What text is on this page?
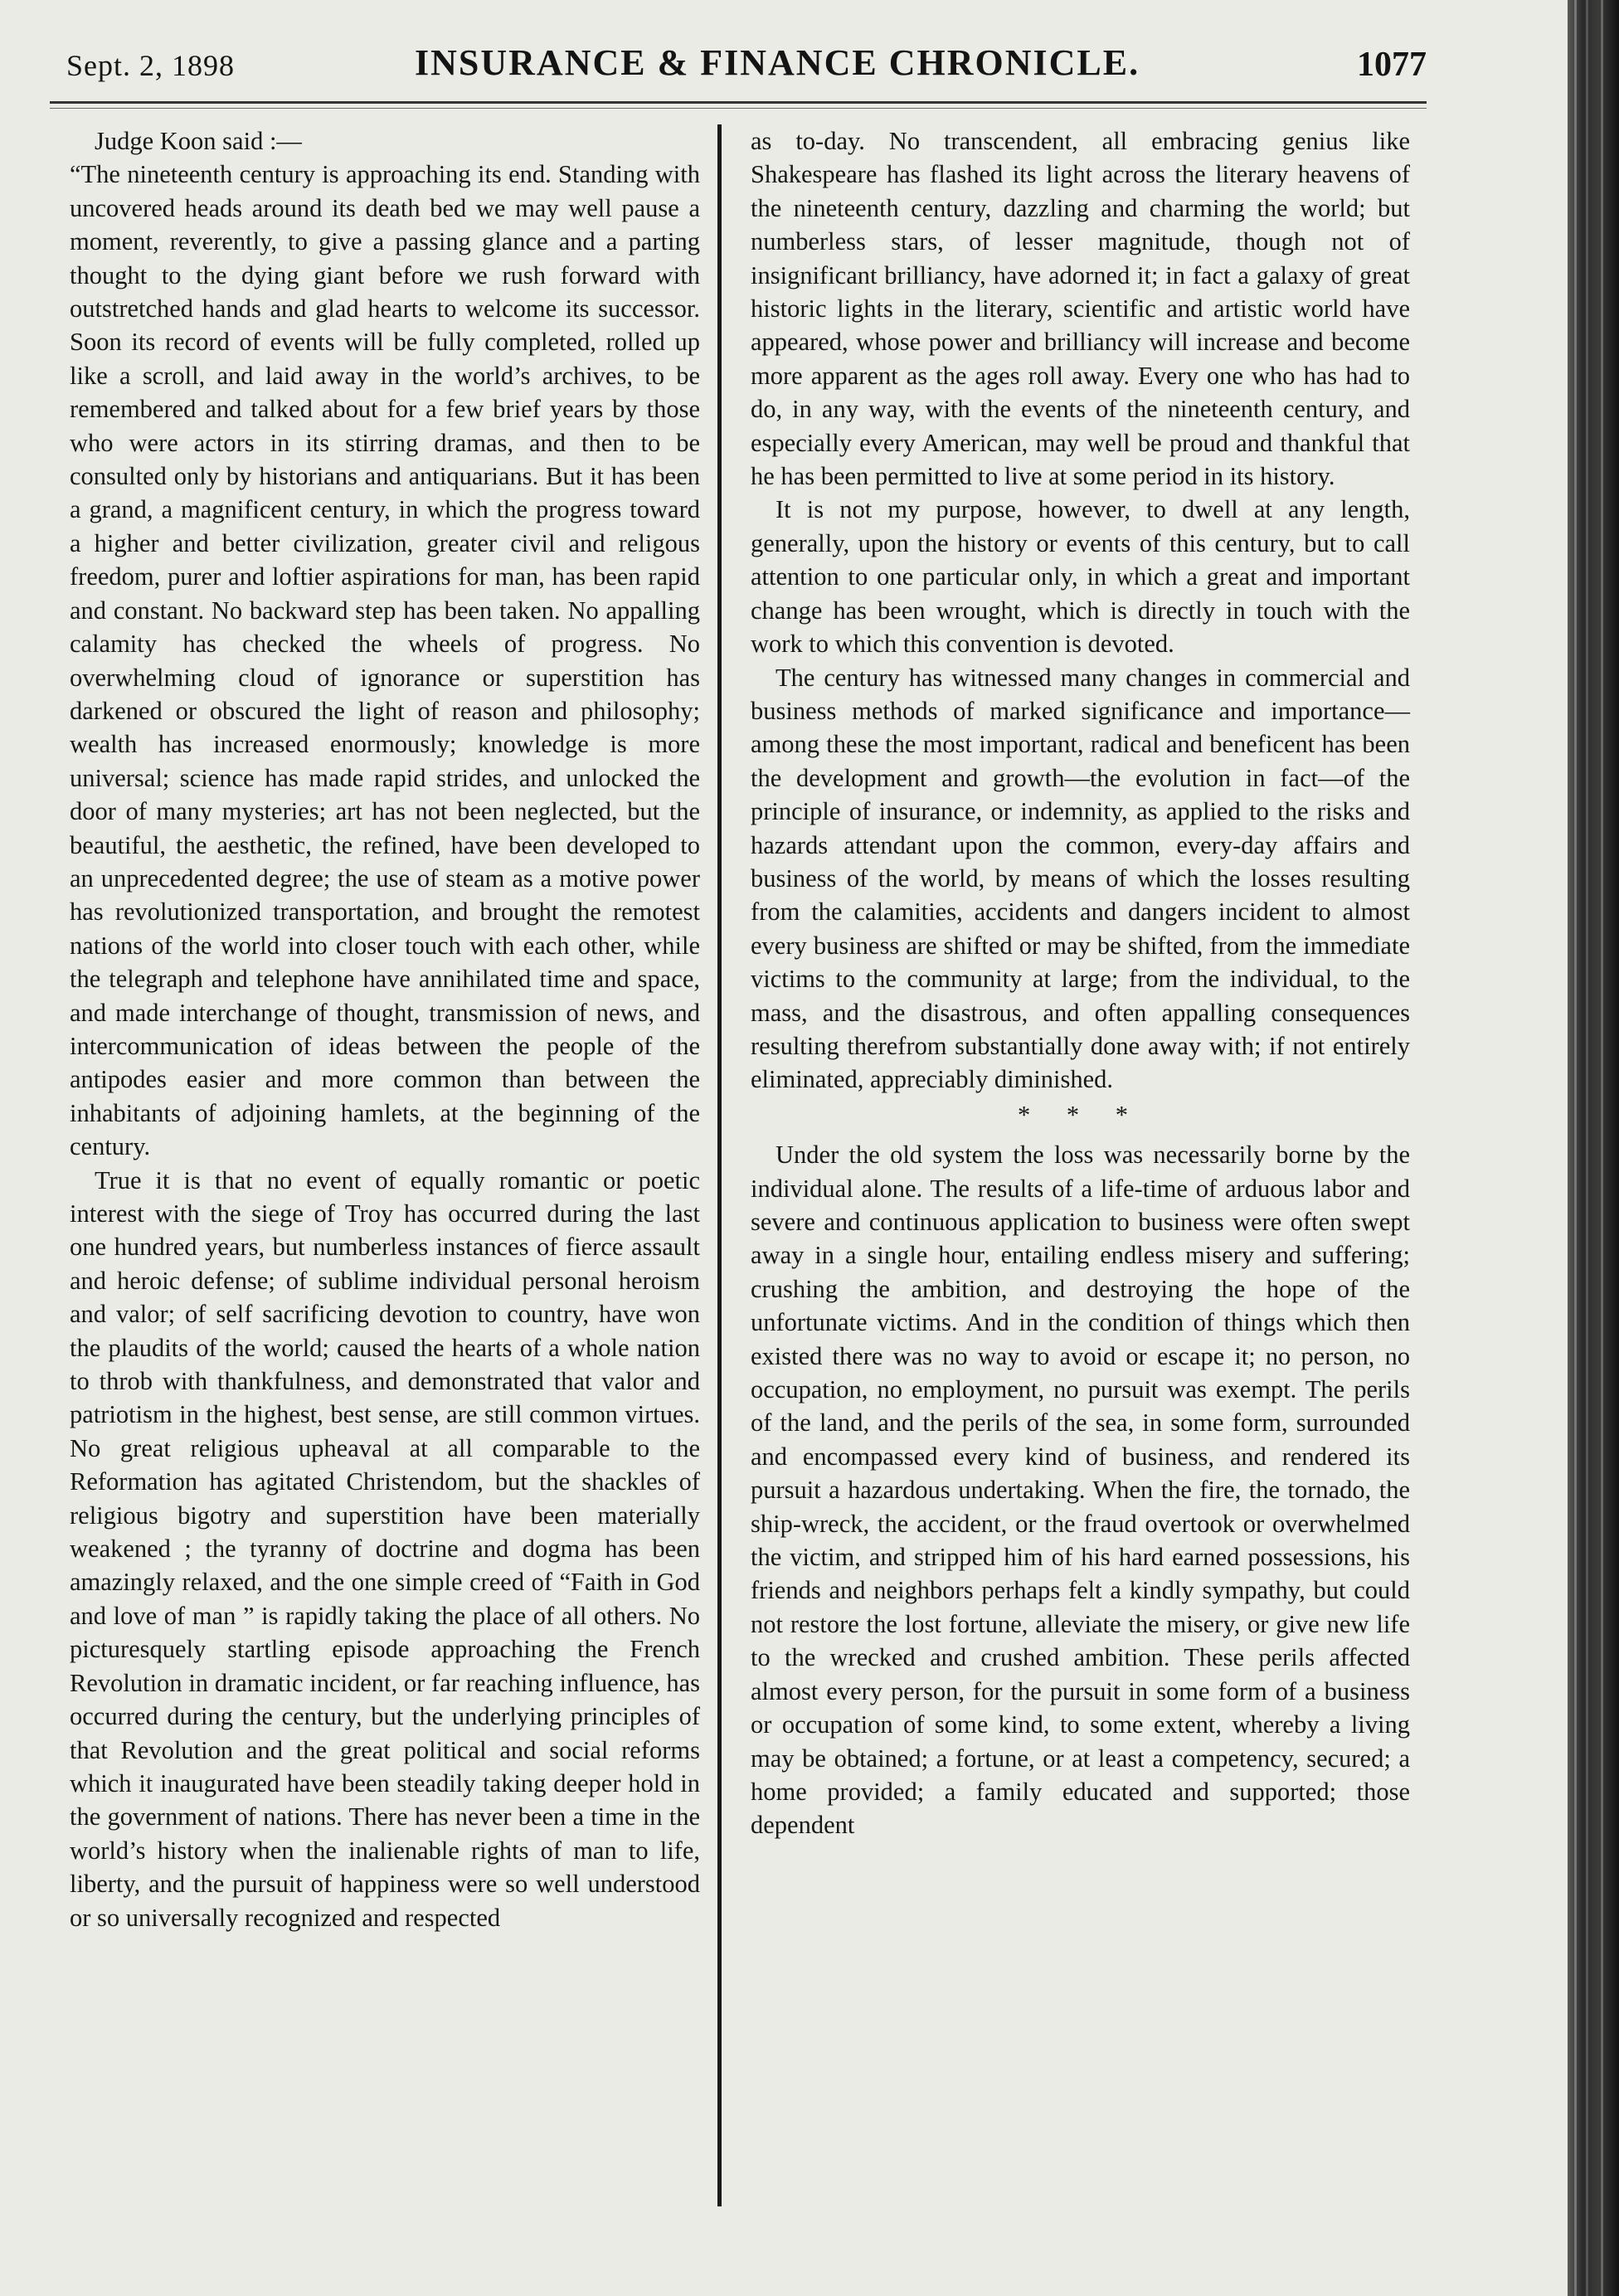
Sept. 2, 1898	INSURANCE & FINANCE CHRONICLE.	1077

Judge Koon said :—

“The nineteenth century is approaching its end. Standing with uncovered heads around its death bed we may well pause a moment, reverently, to give a passing glance and a parting thought to the dying giant before we rush forward with outstretched hands and glad hearts to welcome its successor. Soon its record of events will be fully completed, rolled up like a scroll, and laid away in the world’s archives, to be remembered and talked about for a few brief years by those who were actors in its stirring dramas, and then to be consulted only by historians and antiquarians. But it has been a grand, a magnificent century, in which the progress toward a higher and better civilization, greater civil and religous freedom, purer and loftier aspirations for man, has been rapid and constant. No backward step has been taken. No appalling calamity has checked the wheels of progress. No overwhelming cloud of ignorance or superstition has darkened or obscured the light of reason and philosophy; wealth has increased enormously; knowledge is more universal; science has made rapid strides, and unlocked the door of many mysteries; art has not been neglected, but the beautiful, the aesthetic, the refined, have been developed to an unprecedented degree; the use of steam as a motive power has revolutionized transportation, and brought the remotest nations of the world into closer touch with each other, while the telegraph and telephone have annihilated time and space, and made interchange of thought, transmission of news, and intercommunication of ideas between the people of the antipodes easier and more common than between the inhabitants of adjoining hamlets, at the beginning of the century.

True it is that no event of equally romantic or poetic interest with the siege of Troy has occurred during the last one hundred years, but numberless instances of fierce assault and heroic defense; of sublime individual personal heroism and valor; of self sacrificing devotion to country, have won the plaudits of the world; caused the hearts of a whole nation to throb with thankfulness, and demonstrated that valor and patriotism in the highest, best sense, are still common virtues. No great religious upheaval at all comparable to the Reformation has agitated Christendom, but the shackles of religious bigotry and superstition have been materially weakened ; the tyranny of doctrine and dogma has been amazingly relaxed, and the one simple creed of “Faith in God and love of man ” is rapidly taking the place of all others. No picturesquely startling episode approaching the French Revolution in dramatic incident, or far reaching influence, has occurred during the century, but the underlying principles of that Revolution and the great political and social reforms which it inaugurated have been steadily taking deeper hold in the government of nations. There has never been a time in the world’s history when the inalienable rights of man to life, liberty, and the pursuit of happiness were so well understood or so universally recognized and respected

as to-day. No transcendent, all embracing genius like Shakespeare has flashed its light across the literary heavens of the nineteenth century, dazzling and charming the world; but numberless stars, of lesser magnitude, though not of insignificant brilliancy, have adorned it; in fact a galaxy of great historic lights in the literary, scientific and artistic world have appeared, whose power and brilliancy will increase and become more apparent as the ages roll away. Every one who has had to do, in any way, with the events of the nineteenth century, and especially every American, may well be proud and thankful that he has been permitted to live at some period in its history.

It is not my purpose, however, to dwell at any length, generally, upon the history or events of this century, but to call attention to one particular only, in which a great and important change has been wrought, which is directly in touch with the work to which this convention is devoted.

The century has witnessed many changes in commercial and business methods of marked significance and importance—among these the most important, radical and beneficent has been the development and growth—the evolution in fact—of the principle of insurance, or indemnity, as applied to the risks and hazards attendant upon the common, every-day affairs and business of the world, by means of which the losses resulting from the calamities, accidents and dangers incident to almost every business are shifted or may be shifted, from the immediate victims to the community at large; from the individual, to the mass, and the disastrous, and often appalling consequences resulting therefrom substantially done away with; if not entirely eliminated, appreciably diminished.

* * *

Under the old system the loss was necessarily borne by the individual alone. The results of a life-time of arduous labor and severe and continuous application to business were often swept away in a single hour, entailing endless misery and suffering; crushing the ambition, and destroying the hope of the unfortunate victims. And in the condition of things which then existed there was no way to avoid or escape it; no person, no occupation, no employment, no pursuit was exempt. The perils of the land, and the perils of the sea, in some form, surrounded and encompassed every kind of business, and rendered its pursuit a hazardous undertaking. When the fire, the tornado, the ship-wreck, the accident, or the fraud overtook or overwhelmed the victim, and stripped him of his hard earned possessions, his friends and neighbors perhaps felt a kindly sympathy, but could not restore the lost fortune, alleviate the misery, or give new life to the wrecked and crushed ambition. These perils affected almost every person, for the pursuit in some form of a business or occupation of some kind, to some extent, whereby a living may be obtained; a fortune, or at least a competency, secured; a home provided; a family educated and supported; those dependent
